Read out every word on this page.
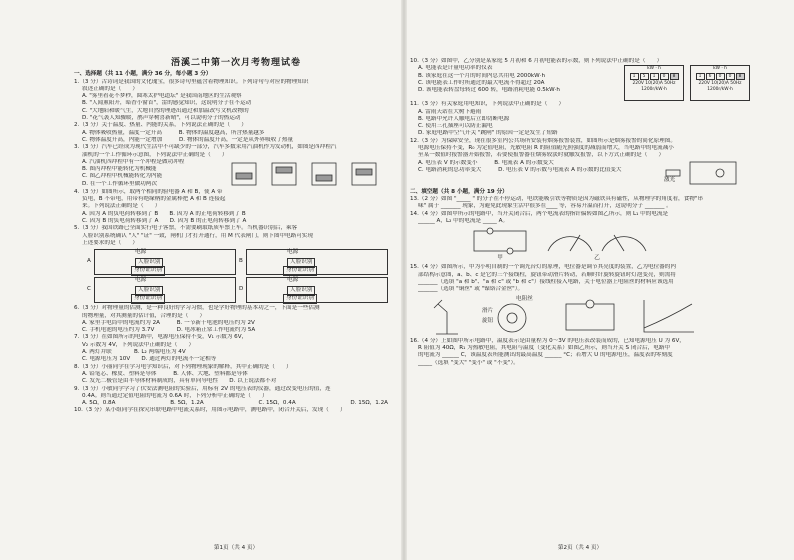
浯溪二中第一次月考物理试卷
一、选择题（共 11 小题，满分 36 分，每小题 3 分）

1.（3 分）古诗词是我国的文化瑰宝，很多诗句里蕴含着物理知识。下列诗句与对应的物理知识

叙述正确的是（　　）

A. "雾里看花不梦秒，圆寒太护电道坛" 是我国南地区的生活观察

B. "人闻薰阳开，暗香小窗首"，雷的感觉知识，这说明分子在不运动

C. "大地阳和暖气生，大地自然的理迹出通过和加温改写文机改物的

D. "花气袭人知骤暖，鹊声穿树喜新晴"，可以说明分子的热运动

2.（3 分）关于温度、热量、内能的关系，下列说法正确的是（　　）

A. 物体吸收热量，温度一定升高　　　B. 物体的温度越高，所含热量越多

C. 物体温度升高，内能一定增加　　　D. 物体的温度升高，一定是从外界吸收了热量

3.（3 分）汽车已经成为现代生活中不可缺少的一部分，汽车多数采用汽油机作为发动机，如图是四冲程汽

油机的一个工作循环示意图，下列说法中正确的是（　　）

A. 汽油机四冲程中有一个冲程是做功冲程

B. 图丙冲程中能转化为机械能

C. 图乙冲程中机械能转化为内能

D. 在一个工作循环里做功两次

4.（3 分）如图所示，取两个相同的验电器 A 和 B，使 A 带

负电，B 不带电，用带有绝缘柄的金属棒把 A 和 B 连接起

来。下列说法正确的是（　　）

A. 因为 A 的负电荷转移到了 B　　B. 因为 A 的正电荷转移到了 B

C. 因为 B 的负电荷转移到了 A　　D. 因为 B 的正电荷转移到了 A

5.（3 分）我国铁路已全面实行电子客票，不需要刷取纸质车票上车。当机器识别后，乘客

人脸识别系统确认 "人" "证" 一致，闸机门才打开通行，用 M 代表闸门，则下图中电路可实现

上述要求的是（　　）

电源
人脸识别
身份证识别
A
电源
人脸识别
身份证识别
B
电源
人脸识别
身份证识别
C
电源
人脸识别
身份证识别
D

6.（3 分）对物理量的估测，是一种良好的学习习惯，也是学好物理的基本功之一，下面是一些估测

的物理量，对其测量的估计值，合理的是（　　）

A. 家里手电筒中的电流约为 2A　　　B. 一节新干电池的电压约为 2V

C. 手机电池的电压约为 3.7V　　　　D. 电冰箱正常工作电流约为 5A

7.（3 分）在如图所示的电路中，电源电压保持不变，V₁ 示数为 6V，

V₂ 示数为 4V，下列说法中正确的是（　　）

A. 两灯并联　　　　B. L₂ 两端电压为 4V

C. 电源电压为 10V　　D. 通过两灯的电流不一定相等

8.（3 分）小丽同学在学习电学知识后，对下列物理现象的解释，其中正确的是（　　）

A. 铅笔芯、橡皮、塑料是导体　　　B. 人体、大地、塑料都是导体

C. 发光二极管是由半导体材料制成的，具有单向导电性　　D. 以上说法都不对

9.（3 分）小敏同学学习了伏安法测电阻的实验后，用标有 2V 的电压表的仪器，通过改变电压的值，连

0.4A。则当通过定值电阻的电流为 0.6A 时，下列分析中正确的是（　　）

A. 5Ω，0.8A	B. 5Ω，1.2A	C. 15Ω，0.4A	D. 15Ω，1.2A

10.（3 分）某小组同学在探究串联电路中电流关系时，用图示电路中，测电路中，闭合开关后，发现（　　）

第1页（共 4 页）

10.（3 分）如图中，乙分别是某家庭 5 月初和 6 月初电能表的示数，则下列说法中正确的是（　　）

A. 电能表是计量电功率的仪表

B. 该家庭在这一个月的时间内总共用电 2000kW·h

C. 该电能表工作时所通过的最大电流不得超过 20A

D. 该电能表转盘每转过 600 转，电路消耗电能 0.5kW·h

kW · h
1	5	1	0	8
220V 10(20)A 50Hz 1200r/kW·h
kW · h
1	6	0	0	8
220V 10(20)A 50Hz 1200r/kW·h

11.（3 分）有关家庭用电知识，下列说法中正确的是（　　）

A. 雷雨天站在大树下避雨

B. 电路中允许人触电后立即切断电源

C. 使用三孔插座可以防止漏电

D. 家庭电路中空气开关 "跳闸" 的原因一定是发生了短路

12.（3 分）为保障安全，现在很多室内公共场所安装有烟雾报警装置，如图所示是烟雾报警的简化原理图。

电源电压保持不变，R₀ 为定值电阻，光敏电阻 R 的阻值随光照强度的减弱而增大，当电路中的电流减小

至某一数值时报警器开始报警，若要使报警器在烟雾较淡时就触发报警，以下方式正确的是（　　）

A. 电压表 V 的示数变小　　　B. 电流表 A 的示数变大

C. 电路消耗的总功率变大　　　D. 电压表 V 的示数与电流表 A 的示数的比值变大

激光
二、填空题（共 8 小题，满分 19 分）

13.（2 分）如图 "_____ " 的分子在不停运动，电铁能吸引铁等物质是因为磁铁具有磁性，从物理学的角度看，食物"串

味" 属于 _______ 现象，为避免此现象生活中很多在____ 等，容易升温而打开，这说明分子 _______ 。

14.（4 分）如图甲所示的电路中，当开关闭合后，两个电流表的指针偏转如图乙所示，则 L₁ 中的电流是

______ A，L₂ 中的电流是 _____ A。

甲	乙

15.（4 分）如图所示，甲为小明自制的一个调光台灯的原理，电位器是调节其亮度的装置，乙为电位器的内

部结构示意图，a、b、c 是它的三个接线柱，旋钮带动滑片转动，若顺时针旋转旋钮时灯泡变亮，则需将

_______（选填 "a 和 b"、"a 和 c" 或 "b 和 c"）接线柱接入电路，关于电位器上电阻丝的材料应该选用

_______（选填 "铜丝" 或 "镍铬合金丝"）。

电阻丝
滑片
旋钮

16.（4 分）上如图甲所示电路中，温度表示是由量程为 0～3V 的电压表改装而成的，已知电源电压 U 为 6V，

R 阻值为 40Ω，R₁ 为热敏电阻，其电阻与温度（变化关系）如图乙所示，则当开关 S 闭合后，电路中

的电流为 ______ C，该温度表所能测出的最高温度 ______ °C；若增大 U 的电源电压，温度表的零刻度

_____（选填 "变大" "变小" 或 "不变"）。

第2页（共 4 页）
